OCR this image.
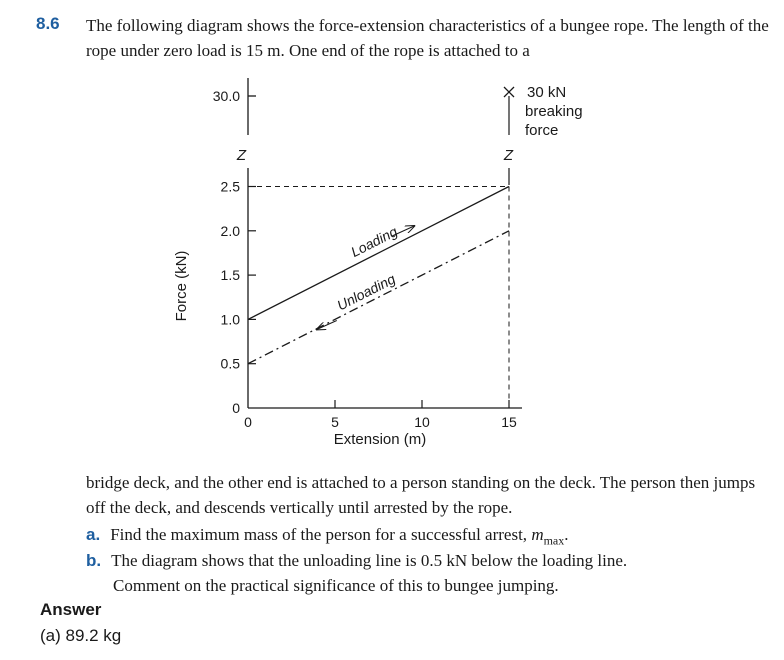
8.6 The following diagram shows the force-extension characteristics of a bungee rope. The length of the rope under zero load is 15 m. One end of the rope is attached to a
0
0.5
1.0
1.5
2.0
2.5
0	5	10	15
Loading
Unloading
Force (kN)
Extension (m)
30.0
Z	Z
30 kN
breaking
force
bridge deck, and the other end is attached to a person standing on the deck. The person then jumps off the deck, and descends vertically until arrested by the rope.
a. Find the maximum mass of the person for a successful arrest, $m_{max}$.
b. The diagram shows that the unloading line is 0.5 kN below the loading line.
Comment on the practical significance of this to bungee jumping.
Answer
(a) 89.2 kg
